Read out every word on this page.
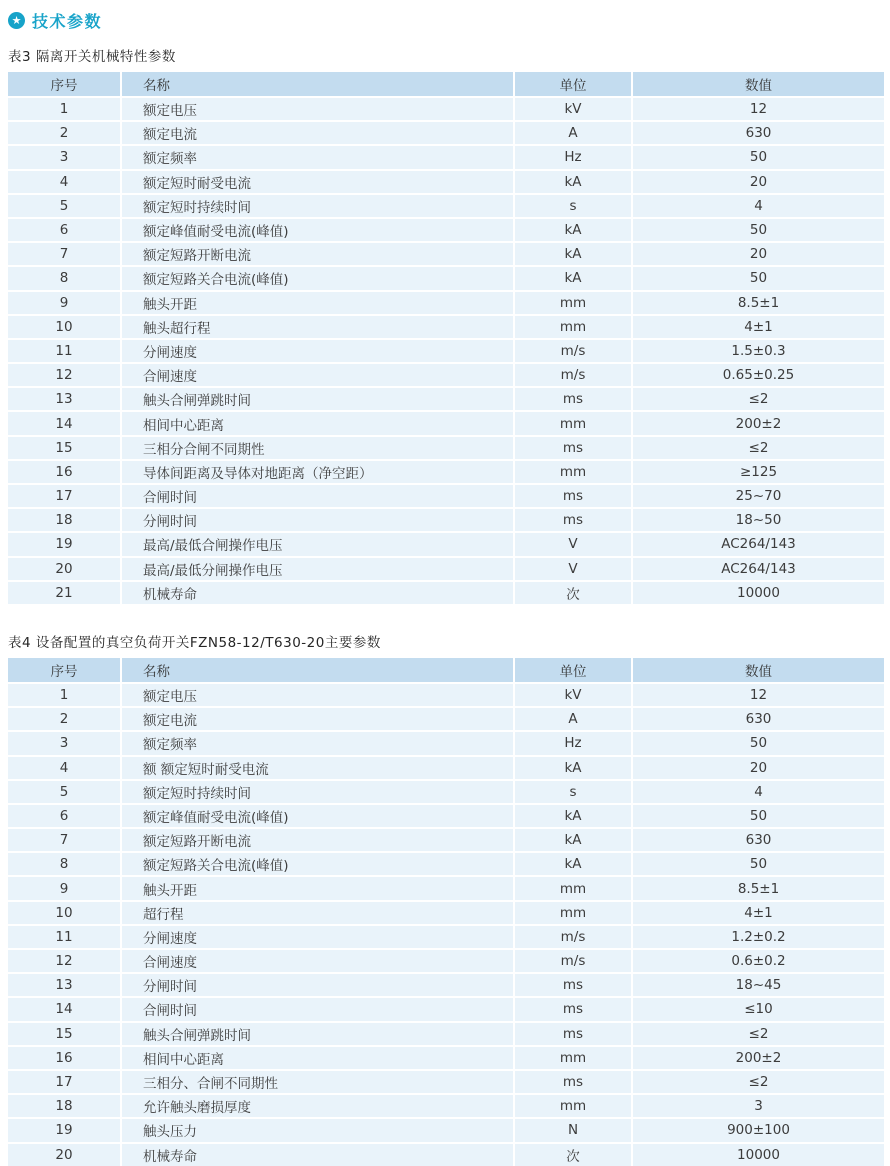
★ 技术参数
表3 隔离开关机械特性参数
序号	名称	单位	数值
1	额定电压	kV	12
2	额定电流	A	630
3	额定频率	Hz	50
4	额定短时耐受电流	kA	20
5	额定短时持续时间	s	4
6	额定峰值耐受电流(峰值)	kA	50
7	额定短路开断电流	kA	20
8	额定短路关合电流(峰值)	kA	50
9	触头开距	mm	8.5±1
10	触头超行程	mm	4±1
11	分闸速度	m/s	1.5±0.3
12	合闸速度	m/s	0.65±0.25
13	触头合闸弹跳时间	ms	≤2
14	相间中心距离	mm	200±2
15	三相分合闸不同期性	ms	≤2
16	导体间距离及导体对地距离（净空距）	mm	≥125
17	合闸时间	ms	25~70
18	分闸时间	ms	18~50
19	最高/最低合闸操作电压	V	AC264/143
20	最高/最低分闸操作电压	V	AC264/143
21	机械寿命	次	10000
表4 设备配置的真空负荷开关FZN58-12/T630-20主要参数
序号	名称	单位	数值
1	额定电压	kV	12
2	额定电流	A	630
3	额定频率	Hz	50
4	额 额定短时耐受电流	kA	20
5	额定短时持续时间	s	4
6	额定峰值耐受电流(峰值)	kA	50
7	额定短路开断电流	kA	630
8	额定短路关合电流(峰值)	kA	50
9	触头开距	mm	8.5±1
10	超行程	mm	4±1
11	分闸速度	m/s	1.2±0.2
12	合闸速度	m/s	0.6±0.2
13	分闸时间	ms	18~45
14	合闸时间	ms	≤10
15	触头合闸弹跳时间	ms	≤2
16	相间中心距离	mm	200±2
17	三相分、合闸不同期性	ms	≤2
18	允许触头磨损厚度	mm	3
19	触头压力	N	900±100
20	机械寿命	次	10000
